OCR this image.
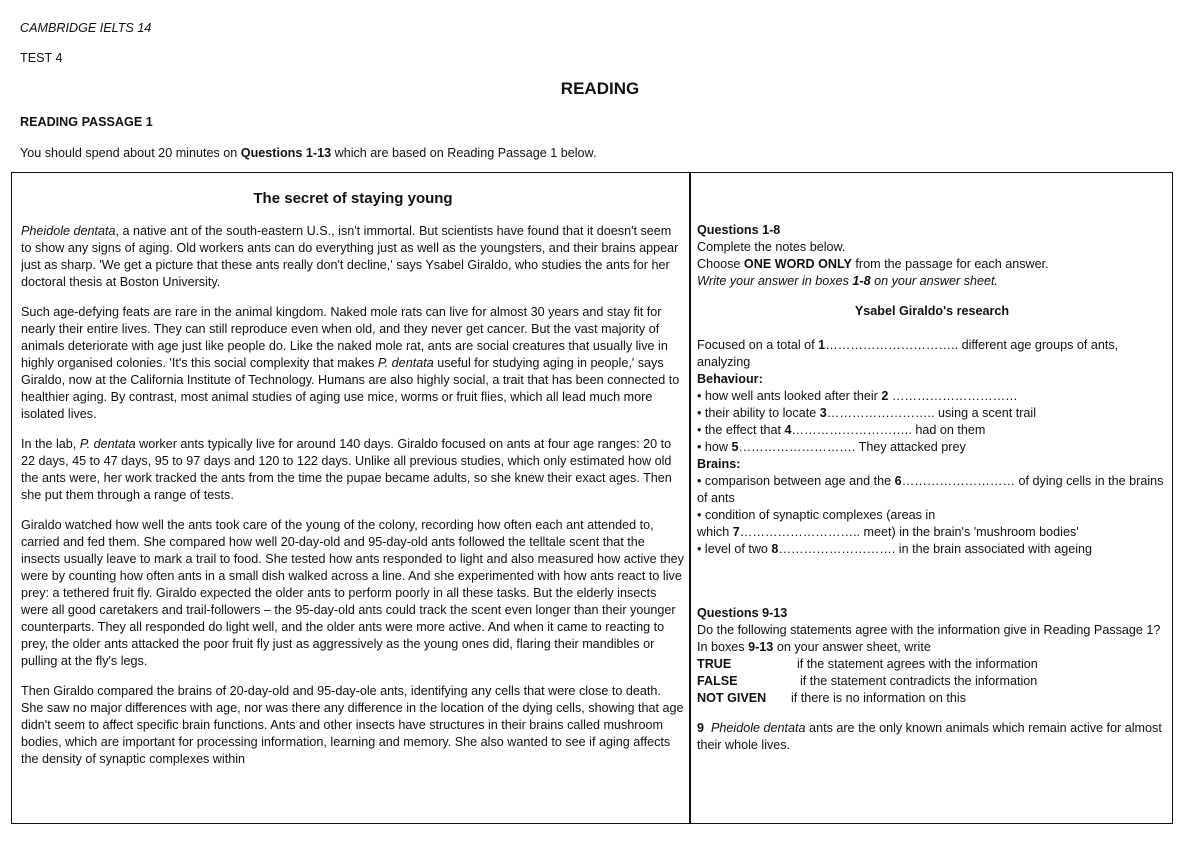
CAMBRIDGE IELTS 14
TEST 4
READING
READING PASSAGE 1
You should spend about 20 minutes on Questions 1-13 which are based on Reading Passage 1 below.
The secret of staying young

Pheidole dentata, a native ant of the south-eastern U.S., isn't immortal. But scientists have found that it doesn't seem to show any signs of aging. Old workers ants can do everything just as well as the youngsters, and their brains appear just as sharp. 'We get a picture that these ants really don't decline,' says Ysabel Giraldo, who studies the ants for her doctoral thesis at Boston University.

Such age-defying feats are rare in the animal kingdom. Naked mole rats can live for almost 30 years and stay fit for nearly their entire lives. They can still reproduce even when old, and they never get cancer. But the vast majority of animals deteriorate with age just like people do. Like the naked mole rat, ants are social creatures that usually live in highly organised colonies. 'It's this social complexity that makes P. dentata useful for studying aging in people,' says Giraldo, now at the California Institute of Technology. Humans are also highly social, a trait that has been connected to healthier aging. By contrast, most animal studies of aging use mice, worms or fruit flies, which all lead much more isolated lives.

In the lab, P. dentata worker ants typically live for around 140 days. Giraldo focused on ants at four age ranges: 20 to 22 days, 45 to 47 days, 95 to 97 days and 120 to 122 days. Unlike all previous studies, which only estimated how old the ants were, her work tracked the ants from the time the pupae became adults, so she knew their exact ages. Then she put them through a range of tests.

Giraldo watched how well the ants took care of the young of the colony, recording how often each ant attended to, carried and fed them. She compared how well 20-day-old and 95-day-old ants followed the telltale scent that the insects usually leave to mark a trail to food. She tested how ants responded to light and also measured how active they were by counting how often ants in a small dish walked across a line. And she experimented with how ants react to live prey: a tethered fruit fly. Giraldo expected the older ants to perform poorly in all these tasks. But the elderly insects were all good caretakers and trail-followers – the 95-day-old ants could track the scent even longer than their younger counterparts. They all responded do light well, and the older ants were more active. And when it came to reacting to prey, the older ants attacked the poor fruit fly just as aggressively as the young ones did, flaring their mandibles or pulling at the fly's legs.

Then Giraldo compared the brains of 20-day-old and 95-day-ole ants, identifying any cells that were close to death. She saw no major differences with age, nor was there any difference in the location of the dying cells, showing that age didn't seem to affect specific brain functions. Ants and other insects have structures in their brains called mushroom bodies, which are important for processing information, learning and memory. She also wanted to see if aging affects the density of synaptic complexes within

Questions 1-8

Complete the notes below.

Choose ONE WORD ONLY from the passage for each answer.

Write your answer in boxes 1-8 on your answer sheet.

Ysabel Giraldo's research

Focused on a total of 1………………………….. different age groups of ants, analyzing

Behaviour:

• how well ants looked after their 2 …………………………

• their ability to locate 3…………………….. using a scent trail

• the effect that 4……………………….. had on them

• how 5………………………. They attacked prey

Brains:

• comparison between age and the 6……………………… of dying cells in the brains of ants

• condition of synaptic complexes (areas in

which 7……………………….. meet) in the brain's 'mushroom bodies'

• level of two 8………………………. in the brain associated with ageing

Questions 9-13

Do the following statements agree with the information give in Reading Passage 1?

In boxes 9-13 on your answer sheet, write

TRUE	if the statement agrees with the information
FALSE	if the statement contradicts the information
NOT GIVEN	if there is no information on this

9 Pheidole dentata ants are the only known animals which remain active for almost their whole lives.
